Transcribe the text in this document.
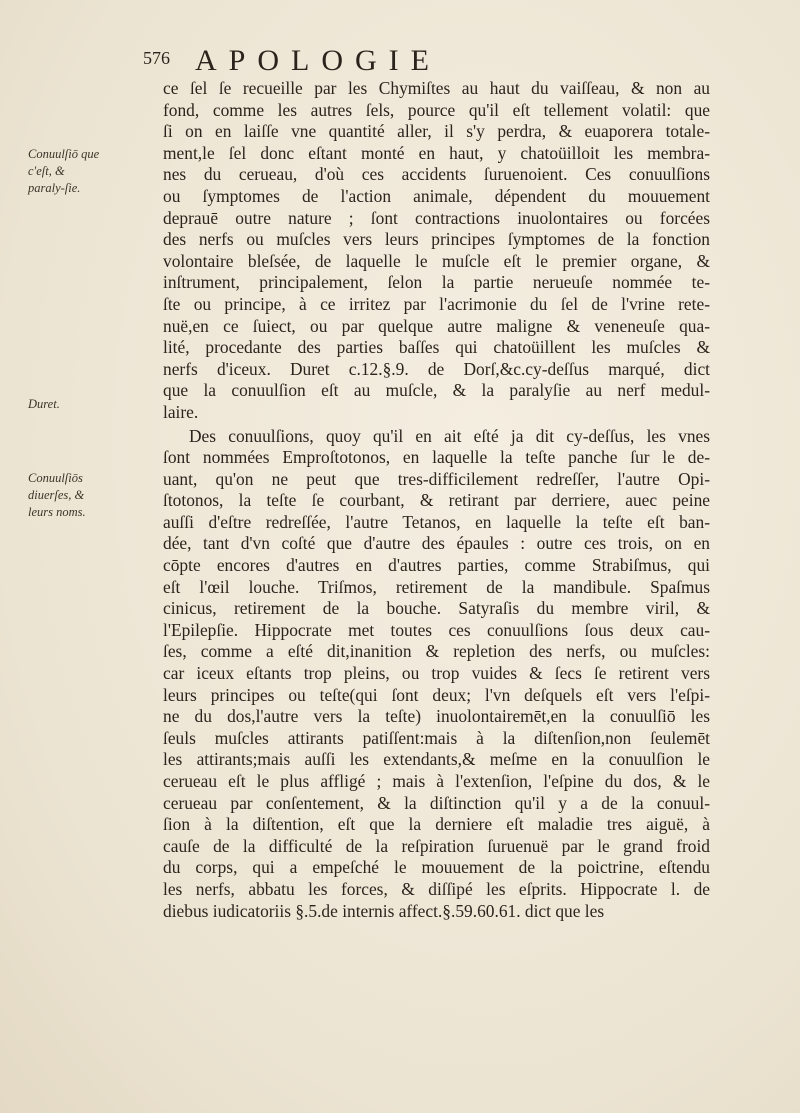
576 APOLOGIE
Conuulſiō que c'eſt, & paraly-ſie.
Duret.
Conuulſiōs diuerſes, & leurs noms.
ce ſel ſe recueille par les Chymiſtes au haut du vaiſſeau, & non au
fond, comme les autres ſels, pource qu'il eſt tellement volatil: que
ſi on en laiſſe vne quantité aller, il s'y perdra, & euaporera totale-
ment,le ſel donc eſtant monté en haut, y chatoüilloit les membra-
nes du cerueau, d'où ces accidents ſuruenoient. Ces conuulſions
ou ſymptomes de l'action animale, dépendent du mouuement
deprauē outre nature ; ſont contractions inuolontaires ou forcées
des nerfs ou muſcles vers leurs principes ſymptomes de la fonction
volontaire bleſsée, de laquelle le muſcle eſt le premier organe, &
inſtrument, principalement, ſelon la partie nerueuſe nommée te-
ſte ou principe, à ce irritez par l'acrimonie du ſel de l'vrine rete-
nuë,en ce ſuiect, ou par quelque autre maligne & veneneuſe qua-
lité, procedante des parties baſſes qui chatoüillent les muſcles &
nerfs d'iceux. Duret c.12.§.9. de Dorſ,&c.cy-deſſus marqué, dict
que la conuulſion eſt au muſcle, & la paralyſie au nerf medul-
laire.
Des conuulſions, quoy qu'il en ait eſté ja dit cy-deſſus, les vnes
ſont nommées Emproſtotonos, en laquelle la teſte panche ſur le de-
uant, qu'on ne peut que tres-difficilement redreſſer, l'autre Opi-
ſtotonos, la teſte ſe courbant, & retirant par derriere, auec peine
auſſi d'eſtre redreſſée, l'autre Tetanos, en laquelle la teſte eſt ban-
dée, tant d'vn coſté que d'autre des épaules : outre ces trois, on en
cōpte encores d'autres en d'autres parties, comme Strabiſmus, qui
eſt l'œil louche. Triſmos, retirement de la mandibule. Spaſmus
cinicus, retirement de la bouche. Satyraſis du membre viril, &
l'Epilepſie. Hippocrate met toutes ces conuulſions ſous deux cau-
ſes, comme a eſté dit,inanition & repletion des nerfs, ou muſcles:
car iceux eſtants trop pleins, ou trop vuides & ſecs ſe retirent vers
leurs principes ou teſte(qui ſont deux; l'vn deſquels eſt vers l'eſpi-
ne du dos,l'autre vers la teſte) inuolontairemēt,en la conuulſiō les
ſeuls muſcles attirants patiſſent:mais à la diſtenſion,non ſeulemēt
les attirants;mais auſſi les extendants,& meſme en la conuulſion le
cerueau eſt le plus affligé ; mais à l'extenſion, l'eſpine du dos, & le
cerueau par conſentement, & la diſtinction qu'il y a de la conuul-
ſion à la diſtention, eſt que la derniere eſt maladie tres aiguë, à
cauſe de la difficulté de la reſpiration ſuruenuë par le grand froid
du corps, qui a empeſché le mouuement de la poictrine, eſtendu
les nerfs, abbatu les forces, & diſſipé les eſprits. Hippocrate l. de
diebus iudicatoriis §.5.de internis affect.§.59.60.61. dict que les
